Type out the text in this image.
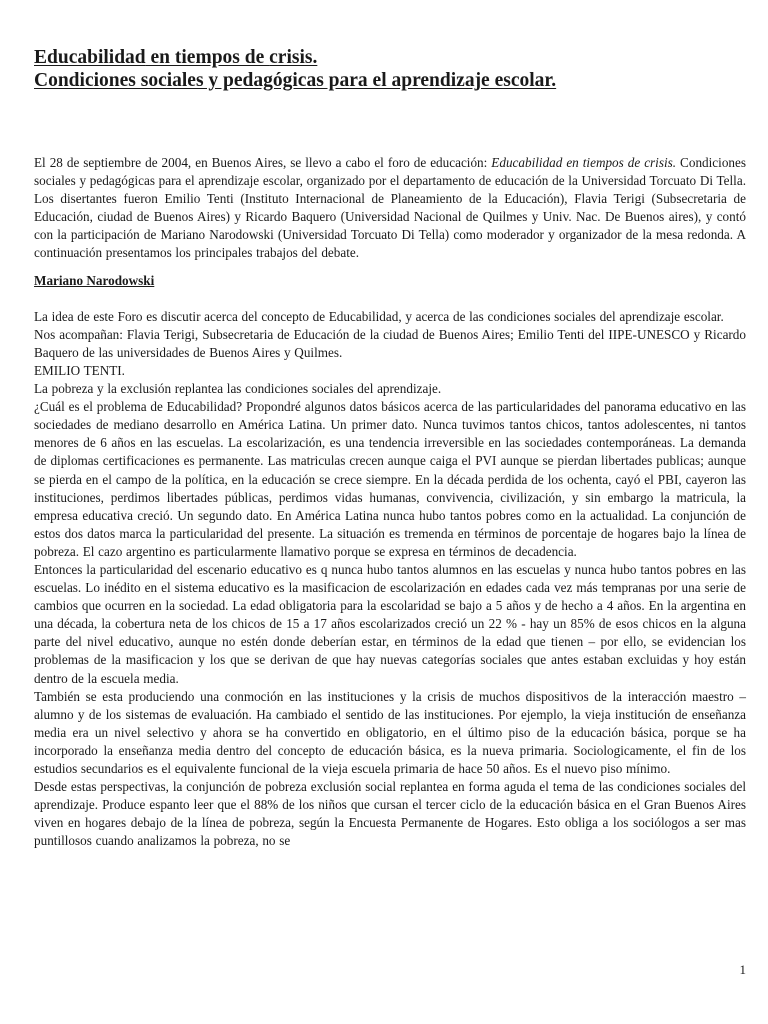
Educabilidad en tiempos de crisis.
Condiciones sociales y pedagógicas para el aprendizaje escolar.

El 28 de septiembre de 2004, en Buenos Aires, se llevo a cabo el foro de educación: Educabilidad en tiempos de crisis. Condiciones sociales y pedagógicas para el aprendizaje escolar, organizado por el departamento de educación de la Universidad Torcuato Di Tella. Los disertantes fueron Emilio Tenti (Instituto Internacional de Planeamiento de la Educación), Flavia Terigi (Subsecretaria de Educación, ciudad de Buenos Aires) y Ricardo Baquero (Universidad Nacional de Quilmes y Univ. Nac. De Buenos aires), y contó con la participación de Mariano Narodowski (Universidad Torcuato Di Tella) como moderador y organizador de la mesa redonda. A continuación presentamos los principales trabajos del debate.

Mariano Narodowski

La idea de este Foro es discutir acerca del concepto de Educabilidad, y acerca de las condiciones sociales del aprendizaje escolar.

Nos acompañan: Flavia Terigi, Subsecretaria de Educación de la ciudad de Buenos Aires; Emilio Tenti del IIPE-UNESCO y Ricardo Baquero de las universidades de Buenos Aires y Quilmes.

EMILIO TENTI.

La pobreza y la exclusión replantea las condiciones sociales del aprendizaje.

¿Cuál es el problema de Educabilidad? Propondré algunos datos básicos acerca de las particularidades del panorama educativo en las sociedades de mediano desarrollo en América Latina. Un primer dato. Nunca tuvimos tantos chicos, tantos adolescentes, ni tantos menores de 6 años en las escuelas. La escolarización, es una tendencia irreversible en las sociedades contemporáneas. La demanda de diplomas certificaciones es permanente. Las matriculas crecen aunque caiga el PVI aunque se pierdan libertades publicas; aunque se pierda en el campo de la política, en la educación se crece siempre. En la década perdida de los ochenta, cayó el PBI, cayeron las instituciones, perdimos libertades públicas, perdimos vidas humanas, convivencia, civilización, y sin embargo la matricula, la empresa educativa creció. Un segundo dato. En América Latina nunca hubo tantos pobres como en la actualidad. La conjunción de estos dos datos marca la particularidad del presente. La situación es tremenda en términos de porcentaje de hogares bajo la línea de pobreza. El cazo argentino es particularmente llamativo porque se expresa en términos de decadencia.

Entonces la particularidad del escenario educativo es q nunca hubo tantos alumnos en las escuelas y nunca hubo tantos pobres en las escuelas. Lo inédito en el sistema educativo es la masificacion de escolarización en edades cada vez más tempranas por una serie de cambios que ocurren en la sociedad. La edad obligatoria para la escolaridad se bajo a 5 años y de hecho a 4 años. En la argentina en una década, la cobertura neta de los chicos de 15 a 17 años escolarizados creció un 22 % - hay un 85% de esos chicos en la alguna parte del nivel educativo, aunque no estén donde deberían estar, en términos de la edad que tienen – por ello, se evidencian los problemas de la masificacion y los que se derivan de que hay nuevas categorías sociales que antes estaban excluidas y hoy están dentro de la escuela media.

También se esta produciendo una conmoción en las instituciones y la crisis de muchos dispositivos de la interacción maestro – alumno y de los sistemas de evaluación. Ha cambiado el sentido de las instituciones. Por ejemplo, la vieja institución de enseñanza media era un nivel selectivo y ahora se ha convertido en obligatorio, en el último piso de la educación básica, porque se ha incorporado la enseñanza media dentro del concepto de educación básica, es la nueva primaria. Sociologicamente, el fin de los estudios secundarios es el equivalente funcional de la vieja escuela primaria de hace 50 años. Es el nuevo piso mínimo.

Desde estas perspectivas, la conjunción de pobreza exclusión social replantea en forma aguda el tema de las condiciones sociales del aprendizaje. Produce espanto leer que el 88% de los niños que cursan el tercer ciclo de la educación básica en el Gran Buenos Aires viven en hogares debajo de la línea de pobreza, según la Encuesta Permanente de Hogares. Esto obliga a los sociólogos a ser mas puntillosos cuando analizamos la pobreza, no se

1
